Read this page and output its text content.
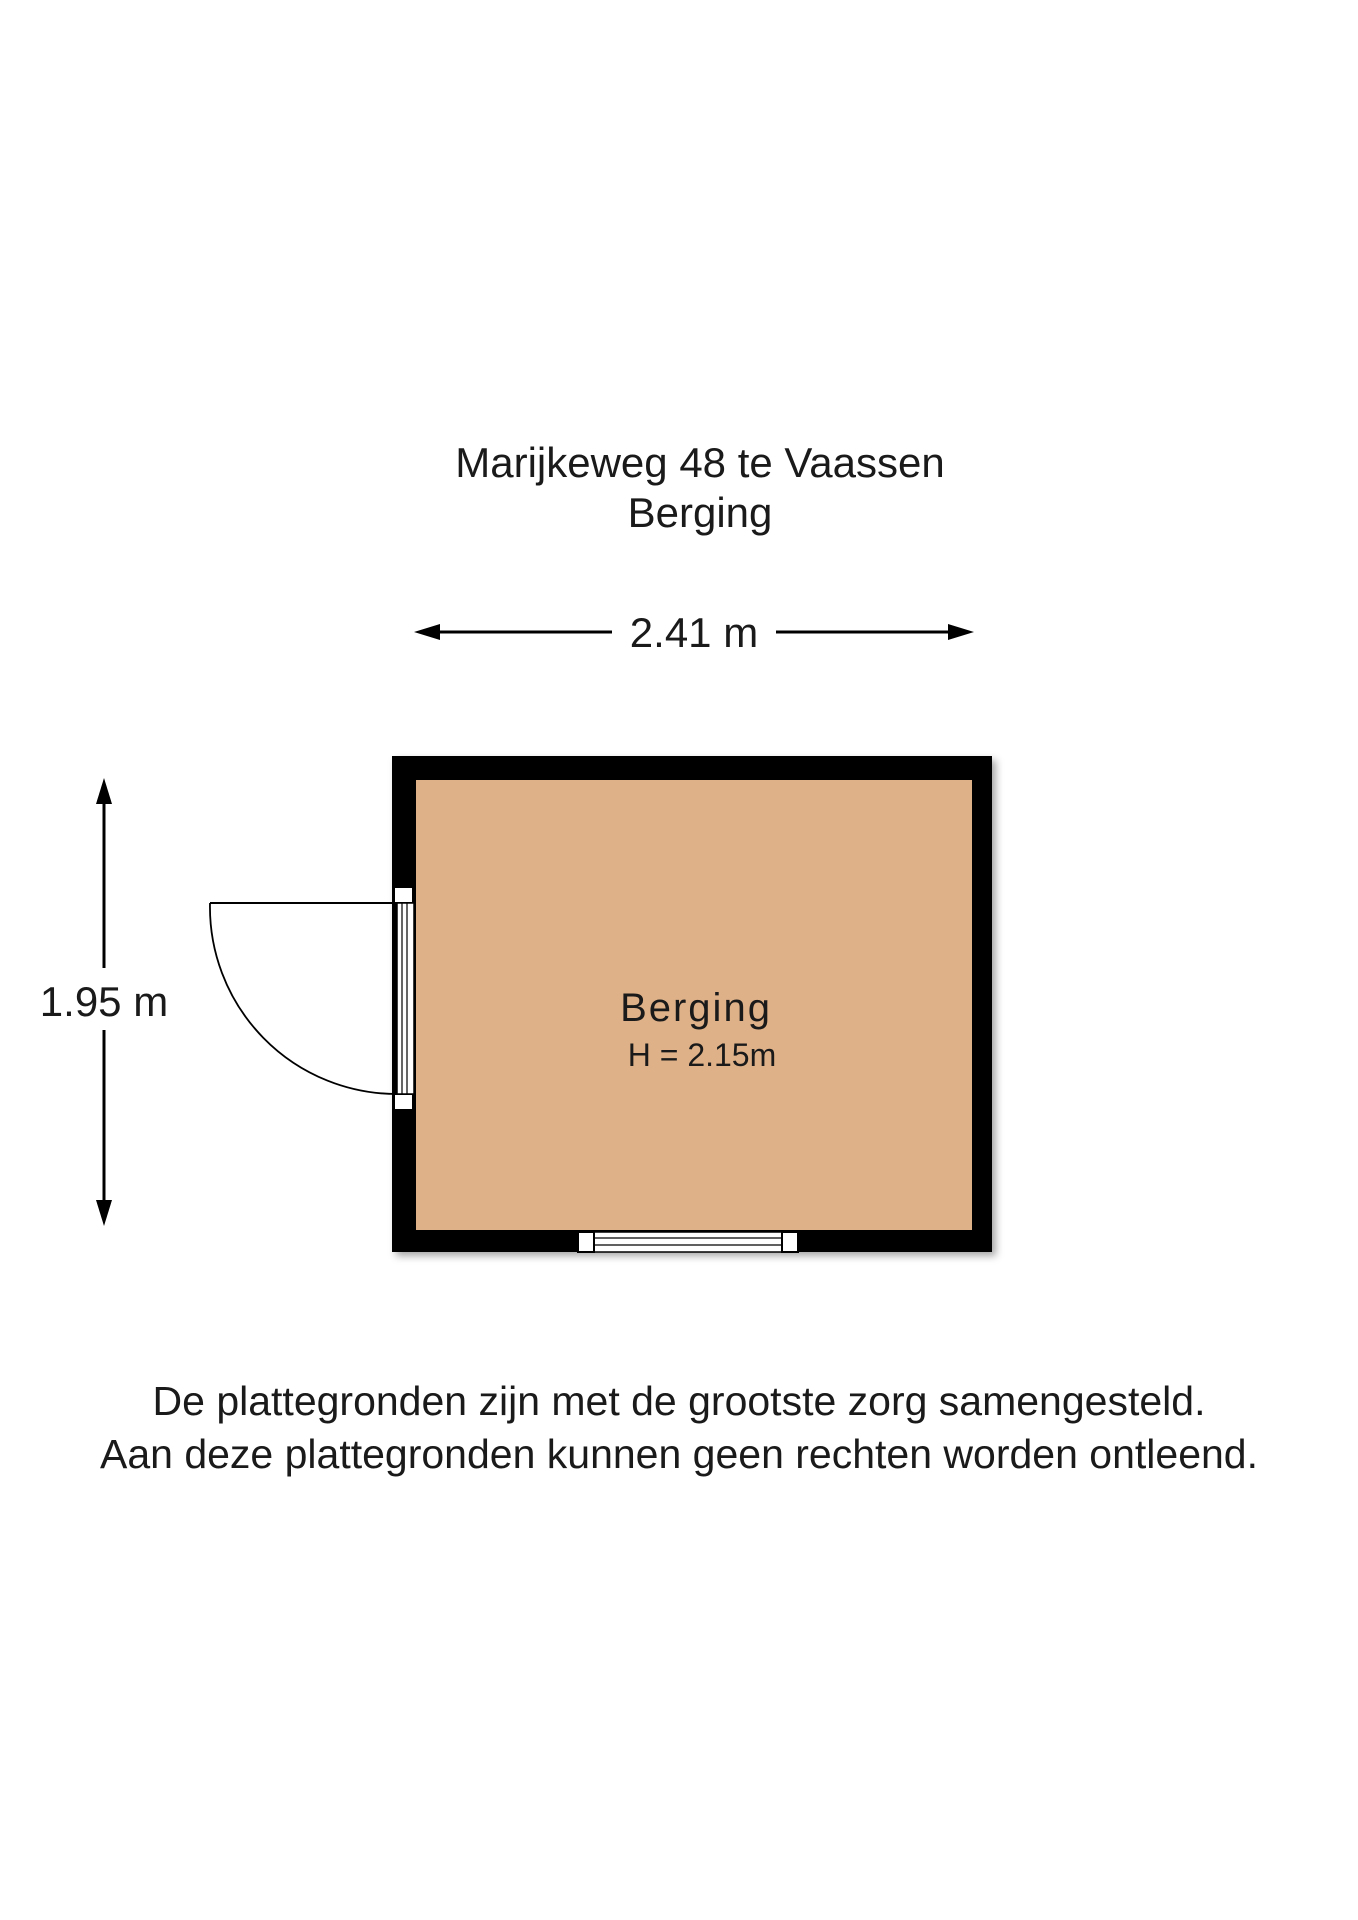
Marijkeweg 48 te Vaassen
Berging
2.41 m
1.95 m	Berging
H = 2.15m
De plattegronden zijn met de grootste zorg samengesteld.
Aan deze plattegronden kunnen geen rechten worden ontleend.
